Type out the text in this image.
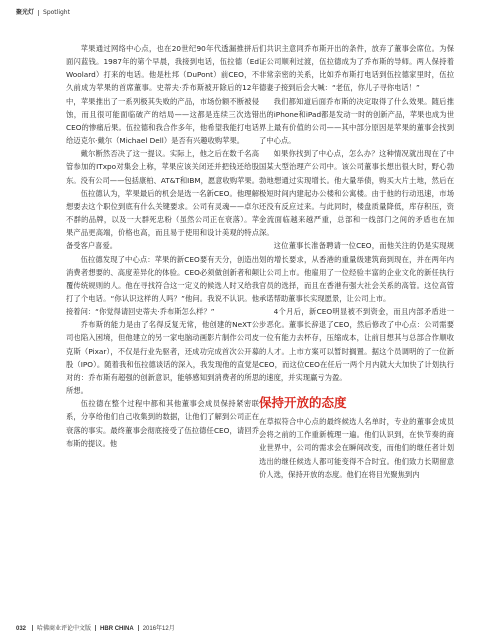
聚光灯 Spotlight

苹果通过网络中心点，也在20世纪90年代透漏推拼后面闪蓝钱。1987年的第个早晨，我接到电话，伍拉德（Ed Woolard）打来的电话。他是杜邦（DuPont）前CEO，不久前成为苹果的首席董事。史蒂夫·乔布斯被开除后的12年中，苹果推出了一系列极其失败的产品，市场份额不断被侵蚀，而且很可能面临破产的结局——这都是连续三次选错CEO的惨痛后果。伍拉德和我合作多年，他希望我能打电话给迈克尔·戴尔（Michael Dell）是否有兴趣收购苹果。

戴尔断然否决了这一提议。实际上，他之后在数千名高管参加的ITxpo对集会上称，苹果应该关闭还并把钱还给股东。没有公司——包括康柏、AT&T和IBM，愿意收购苹果。

伍拉德认为，苹果最后的机会是选一名新CEO。他理解想要去这个职位到底有什么关键要求。公司有灵魂——卓尔不群的品牌，以及一大群死忠粉（虽然公司正在衰落）。苹果产品更高端，价格也高，而且易于使用和设计美观的特点备受客户喜爱。

伍拉德发现了中心点：苹果的新CEO要有天分，创造出消费者想要的、高度差异化的体验。CEO必须做创新者和颠覆传统规则的人。他在寻找符合这一定义的候选人时又给我打了个电话。“你认识这样的人吗？”他问。我说不认识。他接着问：“你觉得请回史蒂夫·乔布斯怎么样？”

乔布斯的能力是由了名得反复无常，他创建的NeXT公司也陷入困境，但他建立的另一家电脑动画影片制作公司皮克斯（Pixar），不仅是行业先驱者，还成功完成首次公开募股（IPO）。随着我和伍拉德谈话的深入，我发现他的直觉是对的：乔布斯有超强的创新意识，能够感知到消费者的所思所想。

伍拉德在整个过程中都和其他董事会成员保持紧密联系，分享给他们自己收集到的数据，让他们了解到公司正在衰落的事实。最终董事会彻底接受了伍拉德任CEO，请回乔布斯的提议。他

们共识主意同乔布斯开出的条件，放弃了董事会席位。为保证公司顺利过渡，伍拉德成为了乔布斯的导师。两人保持着非常亲密的关系，比如乔布斯打电话到伍拉德家里时，伍拉德妻子接到后会大喊：“老伍，你儿子寻你电话！”

我们都知道后面乔布斯的决定取得了什么效果。随后推出的iPhone和iPad都是发动一时的创新产品，苹果也成为世界上最有价值的公司——其中部分原因是苹果的董事会找到了中心点。

如果你找到了中心点，怎么办？这种情况就出现在了中国某大型治理产公司中。该公司董事长想出很大时，野心勃勃地想通过实现增长。他大量举债，购买大片土地，然后在极短时间内建起办公楼和公寓楼。由于他的行动迅速，市场还没有反应过来。与此同时，楼盘质量降低，库存积压，资金流面临越来越严重，总部和一线部门之间的矛盾也在加深。

这位董事长准备聘请一位CEO，而他关注的仍是实现规划的增长要求，从香港的重量级建筑商到现在，并在两年内让公司上市。他雇用了一位经验丰富的企业文化的新任执行官员的选择，而且在香港有强大社会关系的高管。这位高管承诺帮助董事长实现愿景，让公司上市。

4个月后，新CEO明显被不到资金，而且内部矛盾进一步恶化。董事长辞退了CEO，然后修改了中心点：公司需要一位有能力去杯存，压缩成本，让前目想其与总部合作顺收的人才。上市方案可以暂时搁置。据这个员调明的了一位新CEO，而这位CEO在任后一两个月内就大大加快了计划执行的速度，并实现赢亏为盈。

保持开放的态度

在草拟符合中心点的最终候选人名单时，专业的董事会成员会将之前的工作重新梳理一遍。他们认识到，在快节奏的商业世界中，公司的需求会在瞬间改变，而他们的继任者计划选出的继任候选人都可能变得不合时宜。他们致力长期留意价人选，保持开放的态度。他们在将目光聚焦到内

032 哈佛商业评论中文版 HBR CHINA 2016年12月
